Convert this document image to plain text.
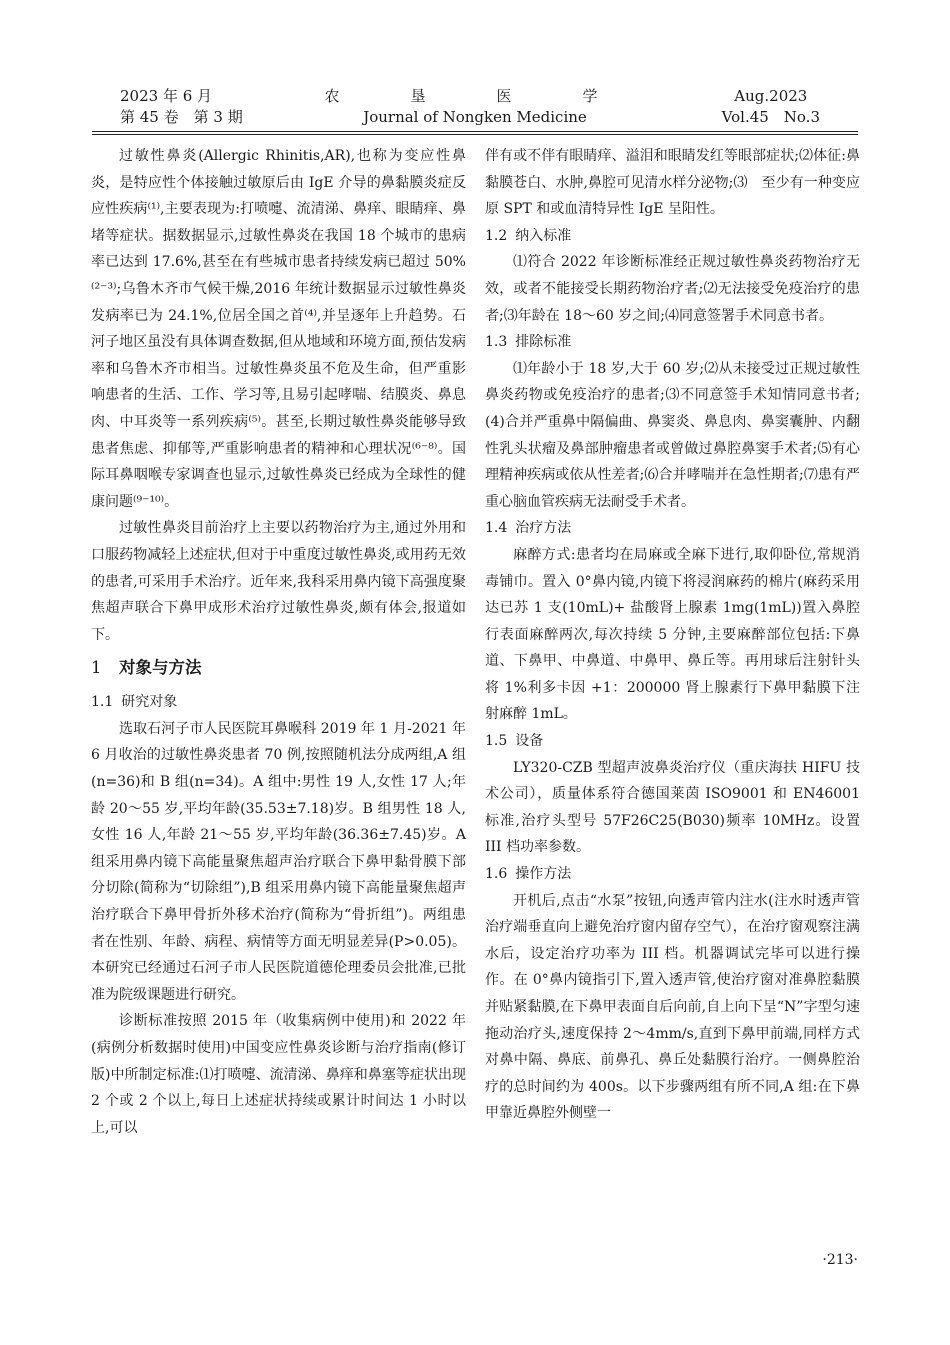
2023 年 6 月
第 45 卷　第 3 期
农　垦　医　学
Journal of Nongken Medicine
Aug.2023
Vol.45　No.3

过敏性鼻炎(Allergic Rhinitis,AR),也称为变应性鼻炎，是特应性个体接触过敏原后由 IgE 介导的鼻黏膜炎症反应性疾病⁽¹⁾,主要表现为:打喷嚏、流清涕、鼻痒、眼睛痒、鼻堵等症状。据数据显示,过敏性鼻炎在我国 18 个城市的患病率已达到 17.6%,甚至在有些城市患者持续发病已超过 50%⁽²⁻³⁾;乌鲁木齐市气候干燥,2016 年统计数据显示过敏性鼻炎发病率已为 24.1%,位居全国之首⁽⁴⁾,并呈逐年上升趋势。石河子地区虽没有具体调查数据,但从地域和环境方面,预估发病率和乌鲁木齐市相当。过敏性鼻炎虽不危及生命，但严重影响患者的生活、工作、学习等,且易引起哮喘、结膜炎、鼻息肉、中耳炎等一系列疾病⁽⁵⁾。甚至,长期过敏性鼻炎能够导致患者焦虑、抑郁等,严重影响患者的精神和心理状况⁽⁶⁻⁸⁾。国际耳鼻咽喉专家调查也显示,过敏性鼻炎已经成为全球性的健康问题⁽⁹⁻¹⁰⁾。

过敏性鼻炎目前治疗上主要以药物治疗为主,通过外用和口服药物减轻上述症状,但对于中重度过敏性鼻炎,或用药无效的患者,可采用手术治疗。近年来,我科采用鼻内镜下高强度聚焦超声联合下鼻甲成形术治疗过敏性鼻炎,颇有体会,报道如下。

1 对象与方法
1.1 研究对象

选取石河子市人民医院耳鼻喉科 2019 年 1 月-2021 年 6 月收治的过敏性鼻炎患者 70 例,按照随机法分成两组,A 组(n=36)和 B 组(n=34)。A 组中:男性 19 人,女性 17 人;年龄 20～55 岁,平均年龄(35.53±7.18)岁。B 组男性 18 人,女性 16 人,年龄 21～55 岁,平均年龄(36.36±7.45)岁。A 组采用鼻内镜下高能量聚焦超声治疗联合下鼻甲黏骨膜下部分切除(简称为“切除组”),B 组采用鼻内镜下高能量聚焦超声治疗联合下鼻甲骨折外移术治疗(简称为“骨折组”)。两组患者在性别、年龄、病程、病情等方面无明显差异(P>0.05)。本研究已经通过石河子市人民医院道德伦理委员会批准,已批准为院级课题进行研究。

诊断标准按照 2015 年（收集病例中使用)和 2022 年(病例分析数据时使用)中国变应性鼻炎诊断与治疗指南(修订版)中所制定标准:⑴打喷嚏、流清涕、鼻痒和鼻塞等症状出现 2 个或 2 个以上,每日上述症状持续或累计时间达 1 小时以上,可以

伴有或不伴有眼睛痒、溢泪和眼睛发红等眼部症状;⑵体征:鼻黏膜苍白、水肿,鼻腔可见清水样分泌物;⑶　至少有一种变应原 SPT 和或血清特异性 IgE 呈阳性。

1.2 纳入标准

⑴符合 2022 年诊断标准经正规过敏性鼻炎药物治疗无效，或者不能接受长期药物治疗者;⑵无法接受免疫治疗的患者;⑶年龄在 18～60 岁之间;⑷同意签署手术同意书者。

1.3 排除标准

⑴年龄小于 18 岁,大于 60 岁;⑵从未接受过正规过敏性鼻炎药物或免疫治疗的患者;⑶不同意签手术知情同意书者;(4)合并严重鼻中隔偏曲、鼻窦炎、鼻息肉、鼻窦囊肿、内翻性乳头状瘤及鼻部肿瘤患者或曾做过鼻腔鼻窦手术者;⑸有心理精神疾病或依从性差者;⑹合并哮喘并在急性期者;⑺患有严重心脑血管疾病无法耐受手术者。

1.4 治疗方法

麻醉方式:患者均在局麻或全麻下进行,取仰卧位,常规消毒铺巾。置入 0°鼻内镜,内镜下将浸润麻药的棉片(麻药采用达已苏 1 支(10mL)+ 盐酸肾上腺素 1mg(1mL))置入鼻腔行表面麻醉两次,每次持续 5 分钟,主要麻醉部位包括:下鼻道、下鼻甲、中鼻道、中鼻甲、鼻丘等。再用球后注射针头将 1%利多卡因 +1：200000 肾上腺素行下鼻甲黏膜下注射麻醉 1mL。

1.5 设备

LY320-CZB 型超声波鼻炎治疗仪（重庆海扶 HIFU 技术公司），质量体系符合德国莱茵 ISO9001 和 EN46001 标准,治疗头型号 57F26C25(B030)频率 10MHz。设置 III 档功率参数。

1.6 操作方法

开机后,点击“水泵”按钮,向透声管内注水(注水时透声管治疗端垂直向上避免治疗窗内留存空气），在治疗窗观察注满水后，设定治疗功率为 III 档。机器调试完毕可以进行操作。在 0°鼻内镜指引下,置入透声管,使治疗窗对准鼻腔黏膜并贴紧黏膜,在下鼻甲表面自后向前,自上向下呈“N”字型匀速拖动治疗头,速度保持 2～4mm/s,直到下鼻甲前端,同样方式对鼻中隔、鼻底、前鼻孔、鼻丘处黏膜行治疗。一侧鼻腔治疗的总时间约为 400s。以下步骤两组有所不同,A 组:在下鼻甲靠近鼻腔外侧壁一

·213·
